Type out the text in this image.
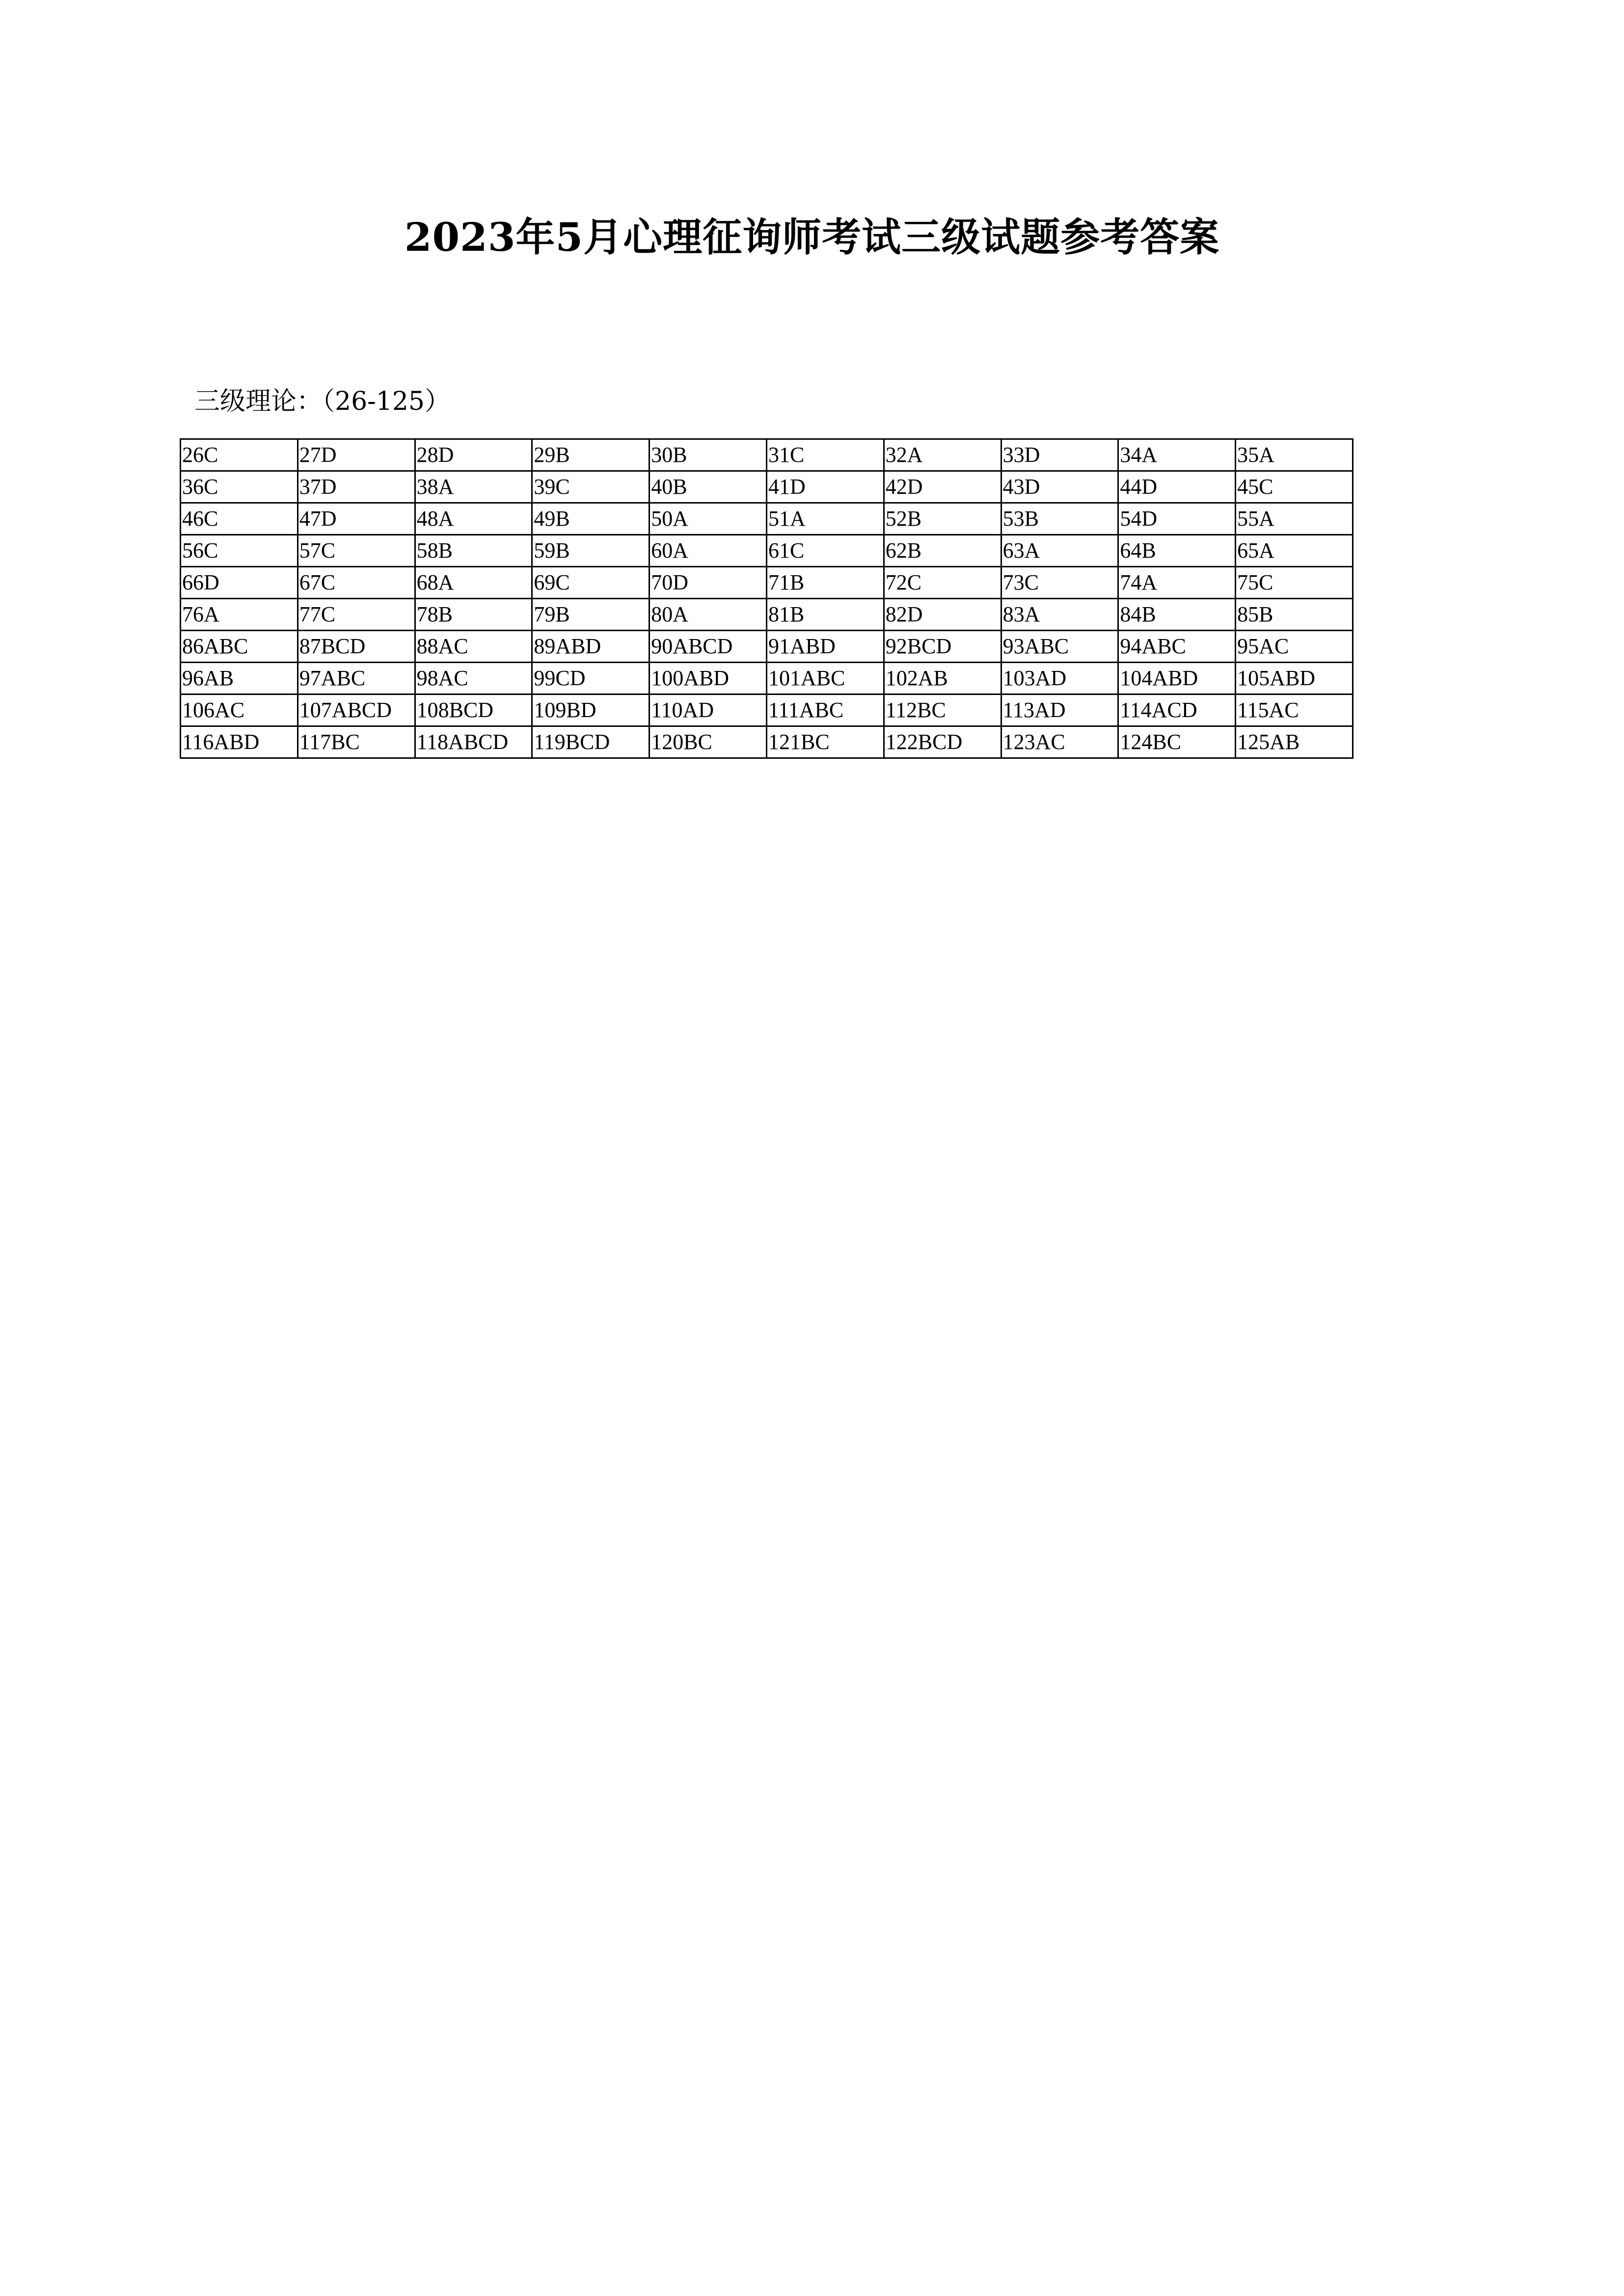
2023年5月心理征询师考试三级试题参考答案

三级理论：（26-125）

26C	27D	28D	29B	30B	31C	32A	33D	34A	35A
36C	37D	38A	39C	40B	41D	42D	43D	44D	45C
46C	47D	48A	49B	50A	51A	52B	53B	54D	55A
56C	57C	58B	59B	60A	61C	62B	63A	64B	65A
66D	67C	68A	69C	70D	71B	72C	73C	74A	75C
76A	77C	78B	79B	80A	81B	82D	83A	84B	85B
86ABC	87BCD	88AC	89ABD	90ABCD	91ABD	92BCD	93ABC	94ABC	95AC
96AB	97ABC	98AC	99CD	100ABD	101ABC	102AB	103AD	104ABD	105ABD
106AC	107ABCD	108BCD	109BD	110AD	111ABC	112BC	113AD	114ACD	115AC
116ABD	117BC	118ABCD	119BCD	120BC	121BC	122BCD	123AC	124BC	125AB
